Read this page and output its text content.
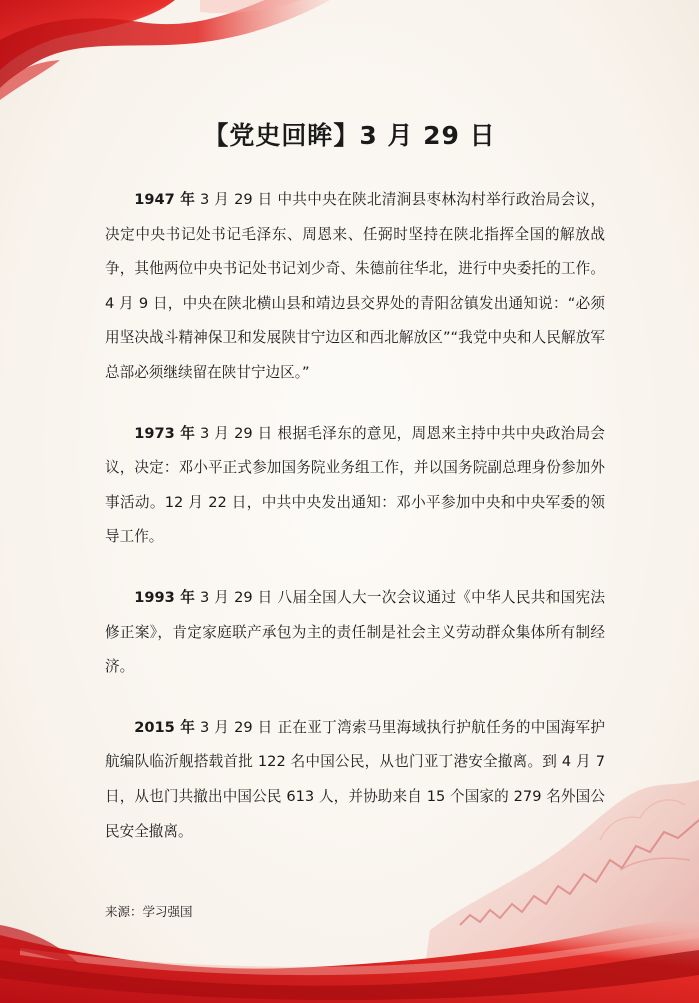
【党史回眸】3 月 29 日

1947 年 3 月 29 日 中共中央在陕北清涧县枣林沟村举行政治局会议，决定中央书记处书记毛泽东、周恩来、任弼时坚持在陕北指挥全国的解放战争，其他两位中央书记处书记刘少奇、朱德前往华北，进行中央委托的工作。4 月 9 日，中央在陕北横山县和靖边县交界处的青阳岔镇发出通知说：“必须用坚决战斗精神保卫和发展陕甘宁边区和西北解放区”“我党中央和人民解放军总部必须继续留在陕甘宁边区。”

1973 年 3 月 29 日 根据毛泽东的意见，周恩来主持中共中央政治局会议，决定：邓小平正式参加国务院业务组工作，并以国务院副总理身份参加外事活动。12 月 22 日，中共中央发出通知：邓小平参加中央和中央军委的领导工作。

1993 年 3 月 29 日 八届全国人大一次会议通过《中华人民共和国宪法修正案》，肯定家庭联产承包为主的责任制是社会主义劳动群众集体所有制经济。

2015 年 3 月 29 日 正在亚丁湾索马里海域执行护航任务的中国海军护航编队临沂舰搭载首批 122 名中国公民，从也门亚丁港安全撤离。到 4 月 7 日，从也门共撤出中国公民 613 人，并协助来自 15 个国家的 279 名外国公民安全撤离。

来源：学习强国
